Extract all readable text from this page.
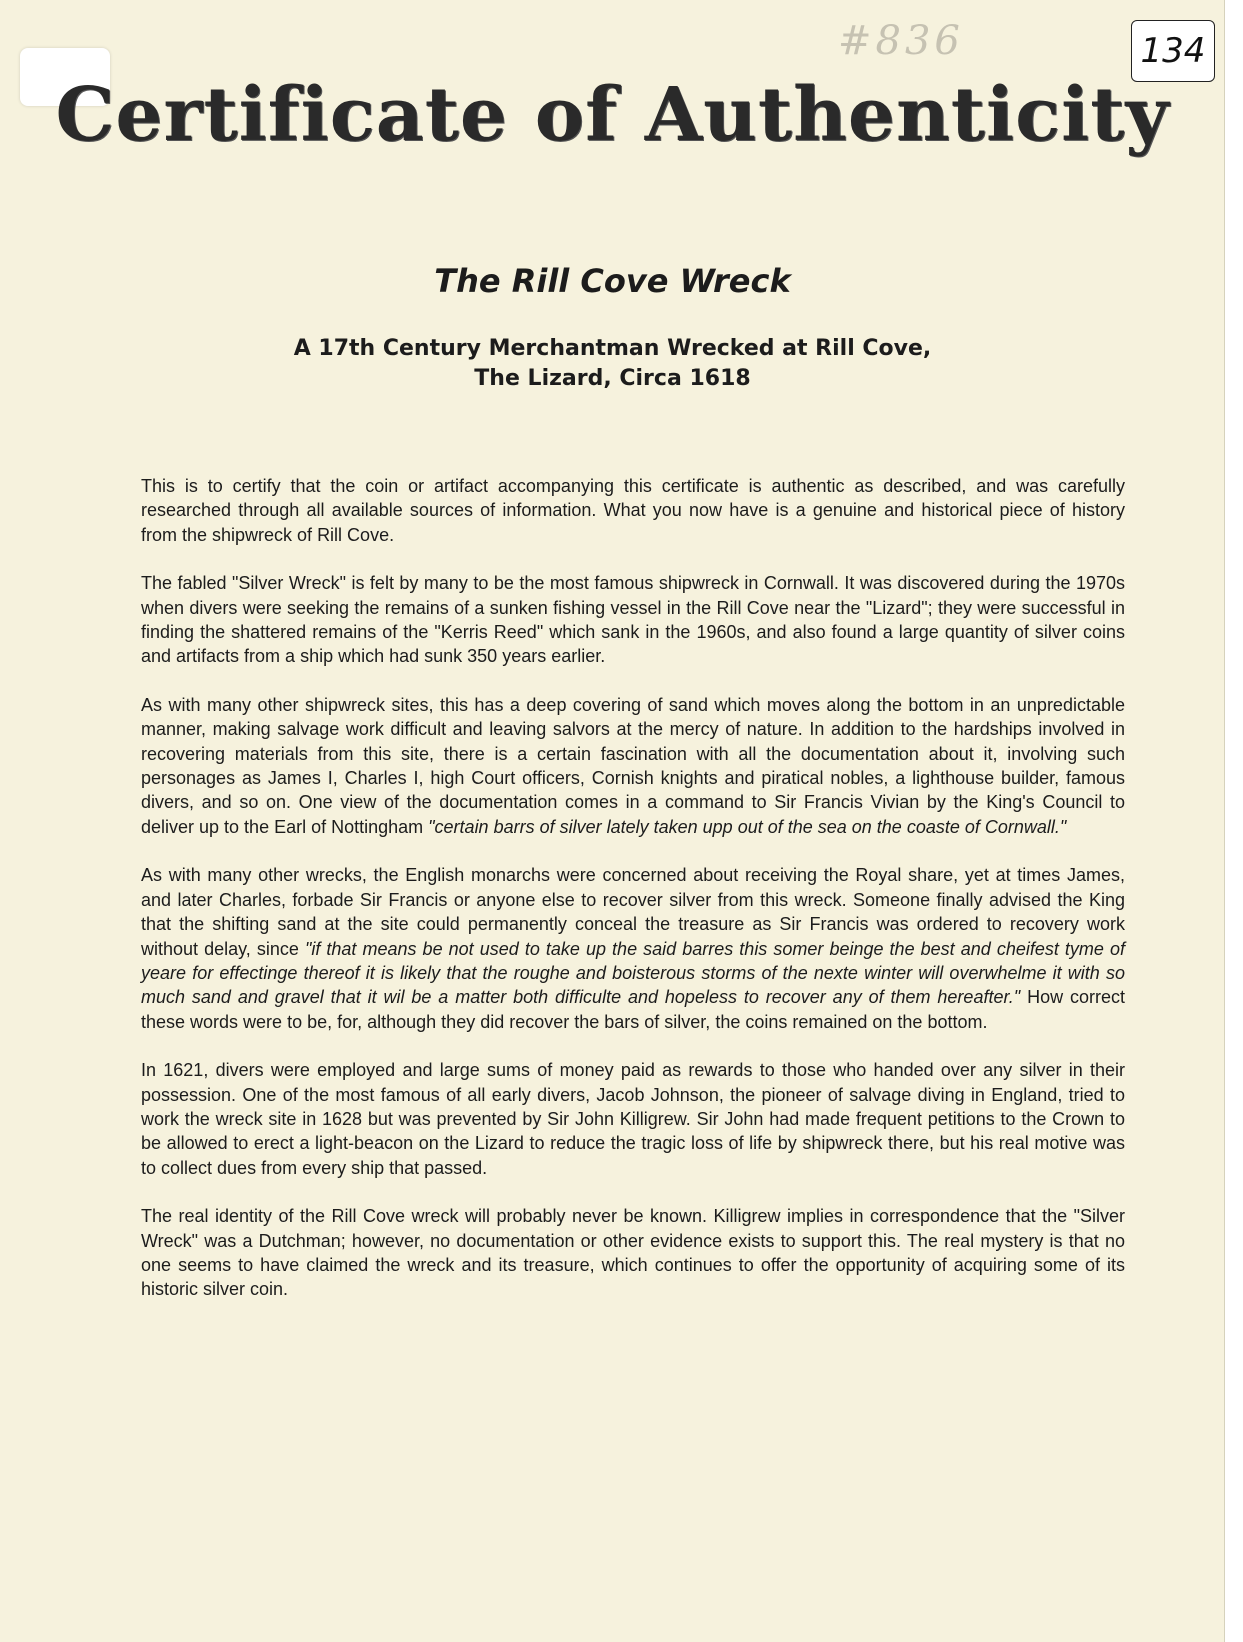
#836	134
Certificate of Authenticity
The Rill Cove Wreck
A 17th Century Merchantman Wrecked at Rill Cove,
The Lizard, Circa 1618

This is to certify that the coin or artifact accompanying this certificate is authentic as described, and was carefully researched through all available sources of information. What you now have is a genuine and historical piece of history from the shipwreck of Rill Cove.

The fabled "Silver Wreck" is felt by many to be the most famous shipwreck in Cornwall. It was discovered during the 1970s when divers were seeking the remains of a sunken fishing vessel in the Rill Cove near the "Lizard"; they were successful in finding the shattered remains of the "Kerris Reed" which sank in the 1960s, and also found a large quantity of silver coins and artifacts from a ship which had sunk 350 years earlier.

As with many other shipwreck sites, this has a deep covering of sand which moves along the bottom in an unpredictable manner, making salvage work difficult and leaving salvors at the mercy of nature. In addition to the hardships involved in recovering materials from this site, there is a certain fascination with all the documentation about it, involving such personages as James I, Charles I, high Court officers, Cornish knights and piratical nobles, a lighthouse builder, famous divers, and so on. One view of the documentation comes in a command to Sir Francis Vivian by the King's Council to deliver up to the Earl of Nottingham "certain barrs of silver lately taken upp out of the sea on the coaste of Cornwall."

As with many other wrecks, the English monarchs were concerned about receiving the Royal share, yet at times James, and later Charles, forbade Sir Francis or anyone else to recover silver from this wreck. Someone finally advised the King that the shifting sand at the site could permanently conceal the treasure as Sir Francis was ordered to recovery work without delay, since "if that means be not used to take up the said barres this somer beinge the best and cheifest tyme of yeare for effectinge thereof it is likely that the roughe and boisterous storms of the nexte winter will overwhelme it with so much sand and gravel that it wil be a matter both difficulte and hopeless to recover any of them hereafter." How correct these words were to be, for, although they did recover the bars of silver, the coins remained on the bottom.

In 1621, divers were employed and large sums of money paid as rewards to those who handed over any silver in their possession. One of the most famous of all early divers, Jacob Johnson, the pioneer of salvage diving in England, tried to work the wreck site in 1628 but was prevented by Sir John Killigrew. Sir John had made frequent petitions to the Crown to be allowed to erect a light-beacon on the Lizard to reduce the tragic loss of life by shipwreck there, but his real motive was to collect dues from every ship that passed.

The real identity of the Rill Cove wreck will probably never be known. Killigrew implies in correspondence that the "Silver Wreck" was a Dutchman; however, no documentation or other evidence exists to support this. The real mystery is that no one seems to have claimed the wreck and its treasure, which continues to offer the opportunity of acquiring some of its historic silver coin.
